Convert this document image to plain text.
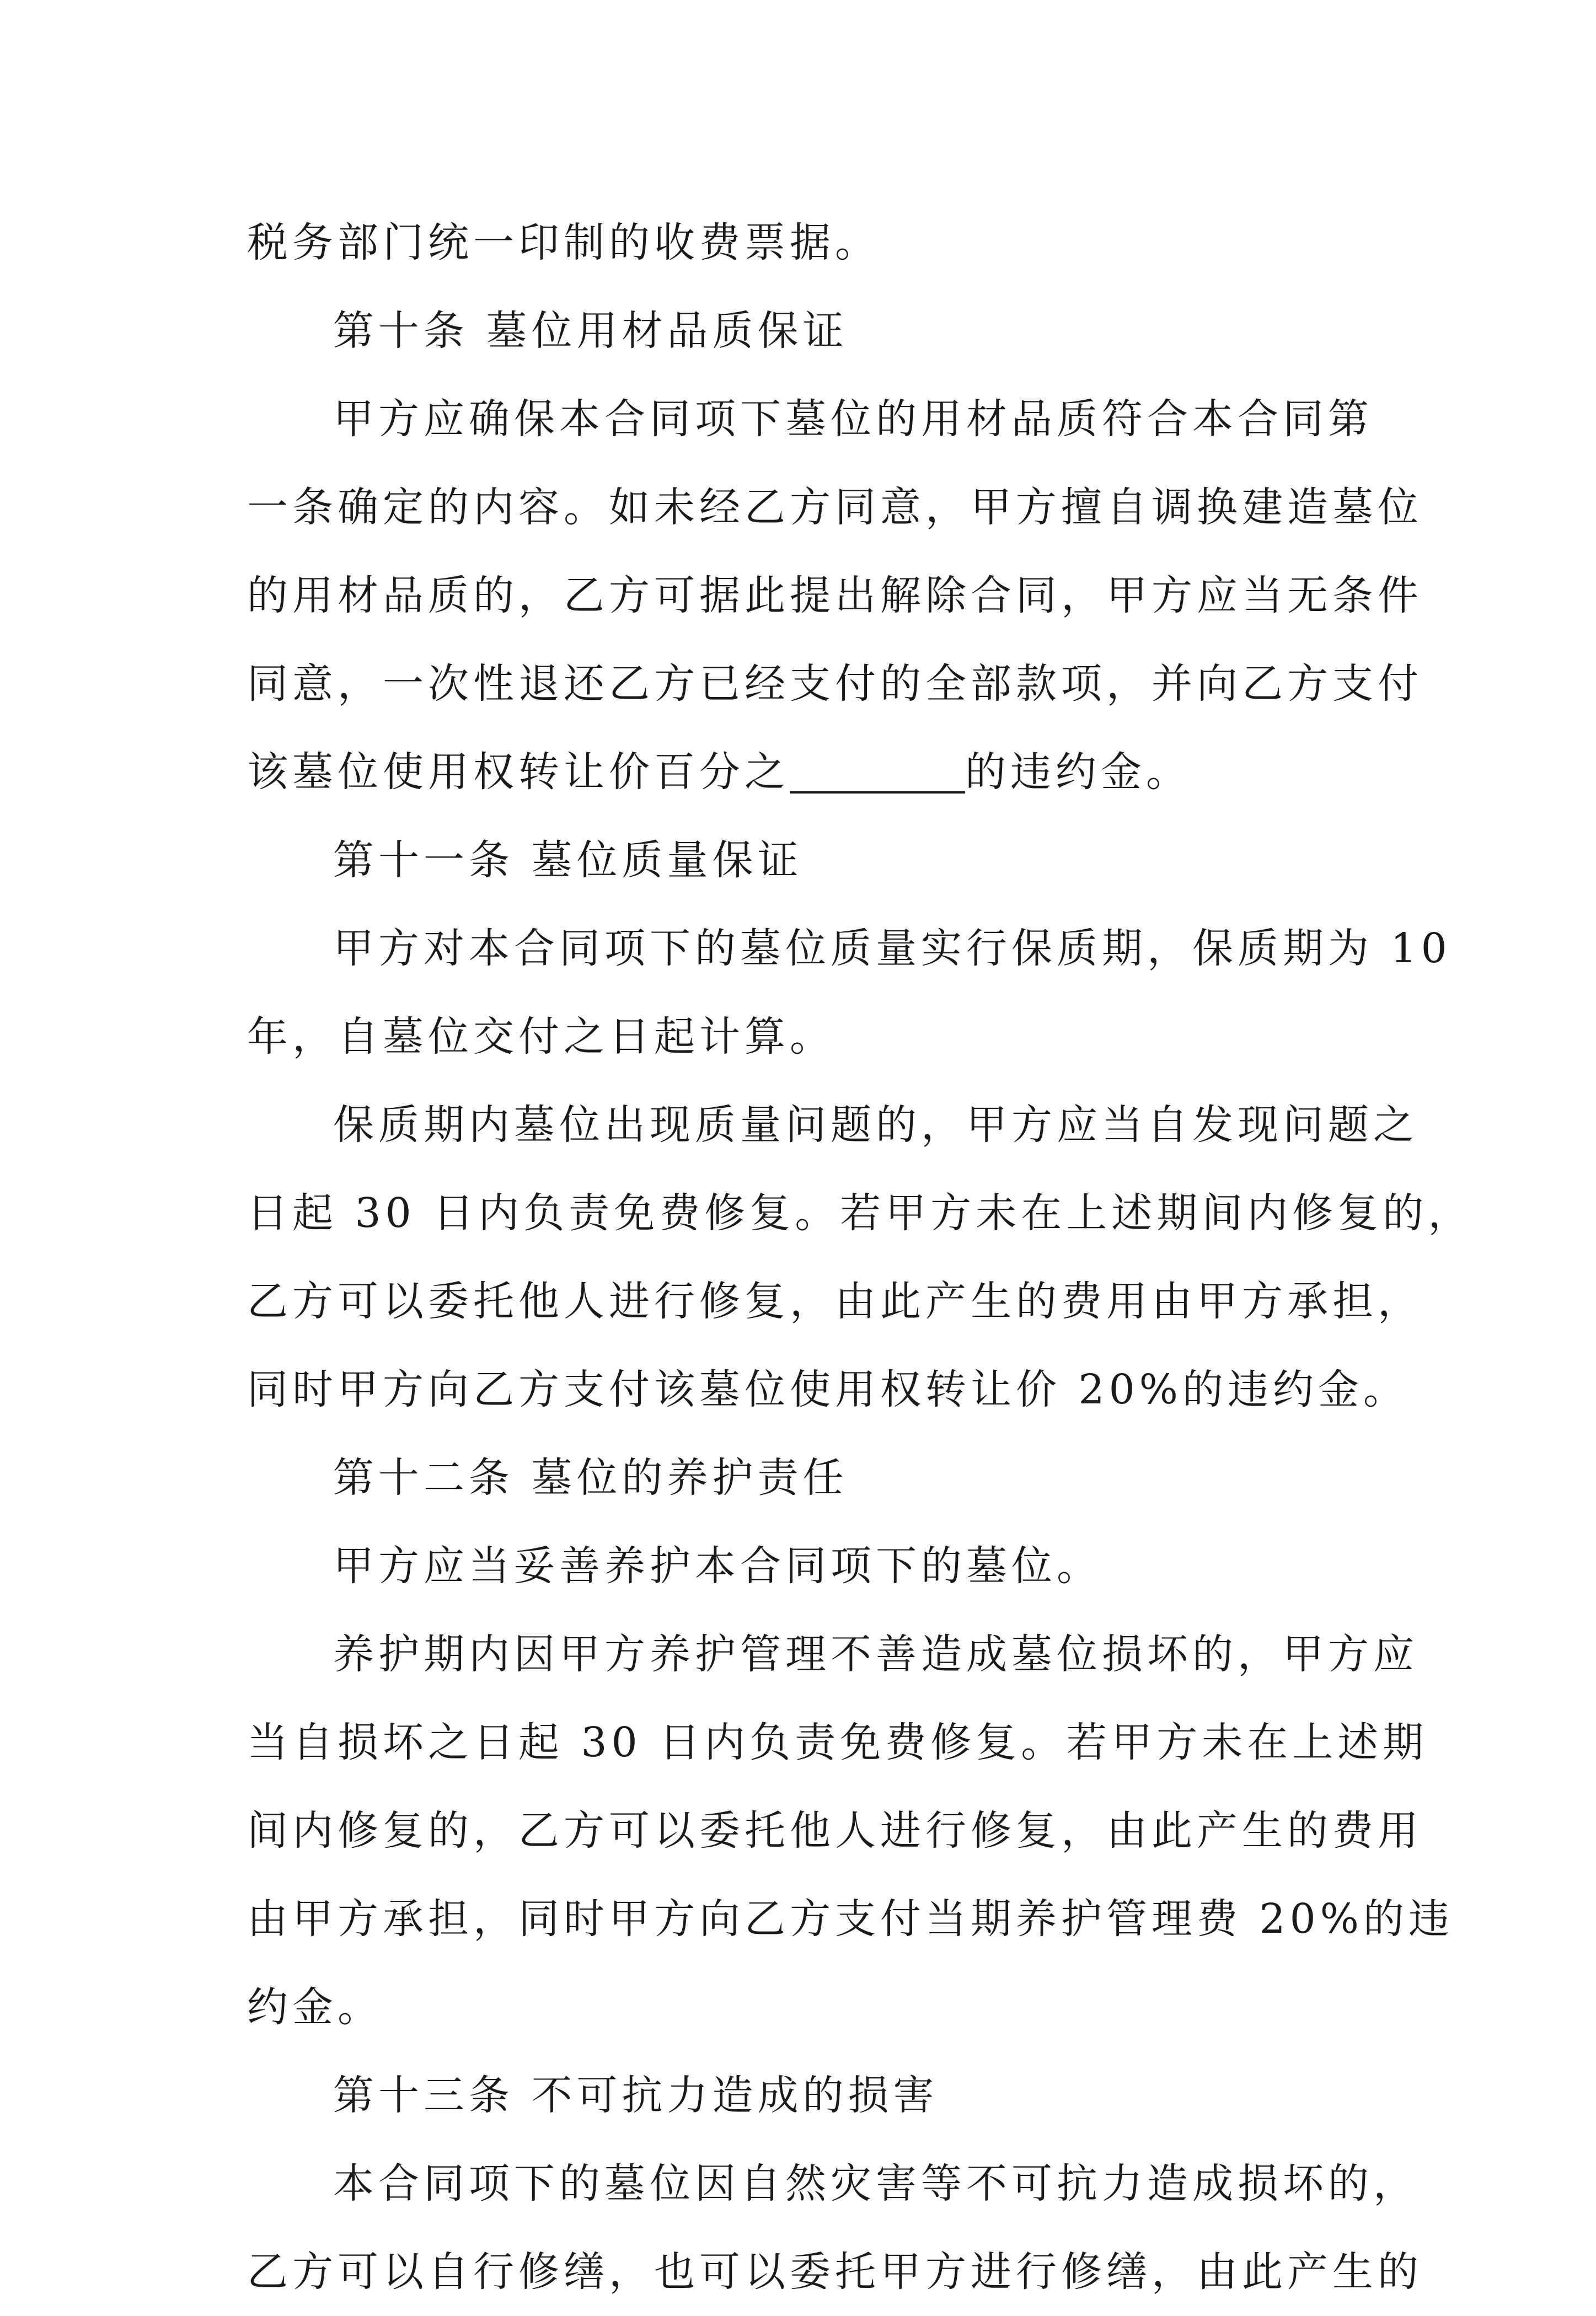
税务部门统一印制的收费票据。
第十条 墓位用材品质保证
甲方应确保本合同项下墓位的用材品质符合本合同第
一条确定的内容。如未经乙方同意，甲方擅自调换建造墓位
的用材品质的，乙方可据此提出解除合同，甲方应当无条件
同意，一次性退还乙方已经支付的全部款项，并向乙方支付
该墓位使用权转让价百分之	的违约金。
第十一条 墓位质量保证
甲方对本合同项下的墓位质量实行保质期，保质期为 10
年，自墓位交付之日起计算。
保质期内墓位出现质量问题的，甲方应当自发现问题之
日起 30 日内负责免费修复。若甲方未在上述期间内修复的，
乙方可以委托他人进行修复，由此产生的费用由甲方承担，
同时甲方向乙方支付该墓位使用权转让价 20%的违约金。
第十二条 墓位的养护责任
甲方应当妥善养护本合同项下的墓位。
养护期内因甲方养护管理不善造成墓位损坏的，甲方应
当自损坏之日起 30 日内负责免费修复。若甲方未在上述期
间内修复的，乙方可以委托他人进行修复，由此产生的费用
由甲方承担，同时甲方向乙方支付当期养护管理费 20%的违
约金。
第十三条 不可抗力造成的损害
本合同项下的墓位因自然灾害等不可抗力造成损坏的，
乙方可以自行修缮，也可以委托甲方进行修缮，由此产生的
